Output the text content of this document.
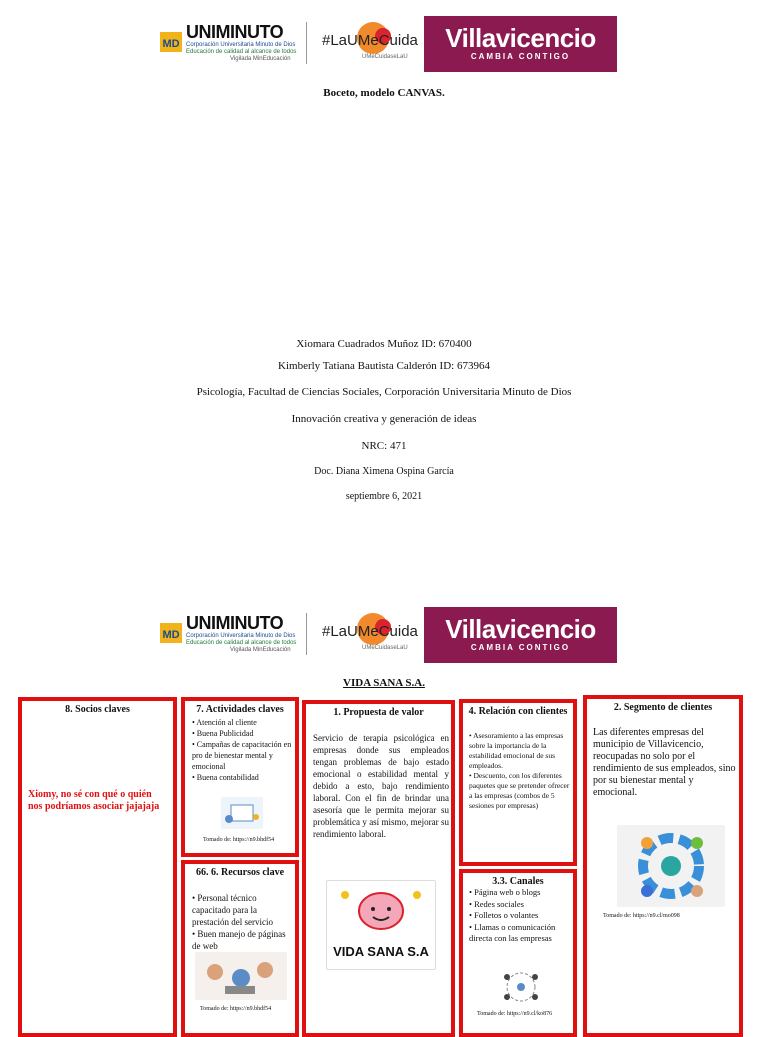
MD
UNIMINUTO
Corporación Universitaria Minuto de Dios
Educación de calidad al alcance de todos
Vigilada MinEducación
#LaUMeCuida
UMeCuidaseLaU
Villavicencio
CAMBIA CONTIGO
Boceto, modelo CANVAS.
Xiomara Cuadrados Muñoz ID: 670400
Kimberly Tatiana Bautista Calderón ID: 673964
Psicología, Facultad de Ciencias Sociales, Corporación Universitaria Minuto de Dios
Innovación creativa y generación de ideas
NRC: 471
Doc. Diana Ximena Ospina García
septiembre 6, 2021
MD
UNIMINUTO
Corporación Universitaria Minuto de Dios
Educación de calidad al alcance de todos
Vigilada MinEducación
#LaUMeCuida
UMeCuidaseLaU
Villavicencio
CAMBIA CONTIGO
VIDA SANA S.A.
8. Socios claves
Xiomy, no sé con qué o quién nos podríamos asociar jajajaja
7. Actividades claves
• Atención al cliente
• Buena Publicidad
• Campañas de capacitación en pro de bienestar mental y emocional
• Buena contabilidad
Tomado de: https://n9.bhdf54
66. 6. Recursos clave
• Personal técnico capacitado para la prestación del servicio
• Buen manejo de páginas de web
Tomado de: https://n9.bhdf54
1. Propuesta de valor
Servicio de terapia psicológica en empresas donde sus empleados tengan problemas de bajo estado emocional o estabilidad mental y debido a esto, bajo rendimiento laboral. Con el fin de brindar una asesoría que le permita mejorar su problemática y así mismo, mejorar su rendimiento laboral.
VIDA SANA S.A
4. Relación con clientes
• Asesoramiento a las empresas sobre la importancia de la estabilidad emocional de sus empleados.
• Descuento, con los diferentes paquetes que se pretender ofrecer a las empresas (combos de 5 sesiones por empresas)
3.3. Canales
• Página web o blogs
• Redes sociales
• Folletos o volantes
• Llamas o comunicación directa con las empresas
Tomado de: https://n9.cl/ko876
2. Segmento de clientes
Las diferentes empresas del municipio de Villavicencio, reocupadas no solo por el rendimiento de sus empleados, sino por su bienestar mental y emocional.
Tomado de: https://n9.cl/mo098
